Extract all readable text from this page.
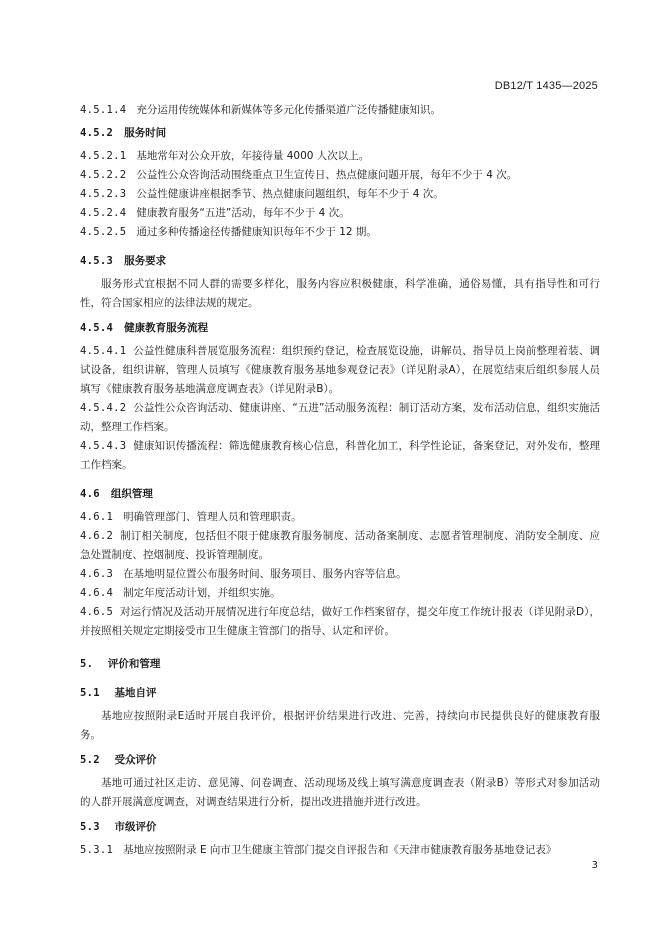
DB12/T 1435—2025
4.5.1.4 充分运用传统媒体和新媒体等多元化传播渠道广泛传播健康知识。
4.5.2 服务时间
4.5.2.1 基地常年对公众开放，年接待量 4000 人次以上。
4.5.2.2 公益性公众咨询活动围绕重点卫生宣传日、热点健康问题开展，每年不少于 4 次。
4.5.2.3 公益性健康讲座根据季节、热点健康问题组织，每年不少于 4 次。
4.5.2.4 健康教育服务“五进”活动，每年不少于 4 次。
4.5.2.5 通过多种传播途径传播健康知识每年不少于 12 期。
4.5.3 服务要求
服务形式宜根据不同人群的需要多样化，服务内容应积极健康，科学准确，通俗易懂，具有指导性和可行性，符合国家相应的法律法规的规定。
4.5.4 健康教育服务流程
4.5.4.1 公益性健康科普展览服务流程：组织预约登记，检查展览设施，讲解员、指导员上岗前整理着装、调试设备，组织讲解，管理人员填写《健康教育服务基地参观登记表》（详见附录A），在展览结束后组织参展人员填写《健康教育服务基地满意度调查表》（详见附录B）。
4.5.4.2 公益性公众咨询活动、健康讲座、“五进”活动服务流程：制订活动方案，发布活动信息，组织实施活动，整理工作档案。
4.5.4.3 健康知识传播流程：筛选健康教育核心信息，科普化加工，科学性论证，备案登记，对外发布，整理工作档案。
4.6 组织管理
4.6.1 明确管理部门、管理人员和管理职责。
4.6.2 制订相关制度，包括但不限于健康教育服务制度、活动备案制度、志愿者管理制度、消防安全制度、应急处置制度、控烟制度、投诉管理制度。
4.6.3 在基地明显位置公布服务时间、服务项目、服务内容等信息。
4.6.4 制定年度活动计划，并组织实施。
4.6.5 对运行情况及活动开展情况进行年度总结，做好工作档案留存，提交年度工作统计报表（详见附录D），并按照相关规定定期接受市卫生健康主管部门的指导、认定和评价。
5. 评价和管理
5.1 基地自评
基地应按照附录E适时开展自我评价，根据评价结果进行改进、完善，持续向市民提供良好的健康教育服务。
5.2 受众评价
基地可通过社区走访、意见簿、问卷调查、活动现场及线上填写满意度调查表（附录B）等形式对参加活动的人群开展满意度调查，对调查结果进行分析，提出改进措施并进行改进。
5.3 市级评价
5.3.1 基地应按照附录 E 向市卫生健康主管部门提交自评报告和《天津市健康教育服务基地登记表》
3
